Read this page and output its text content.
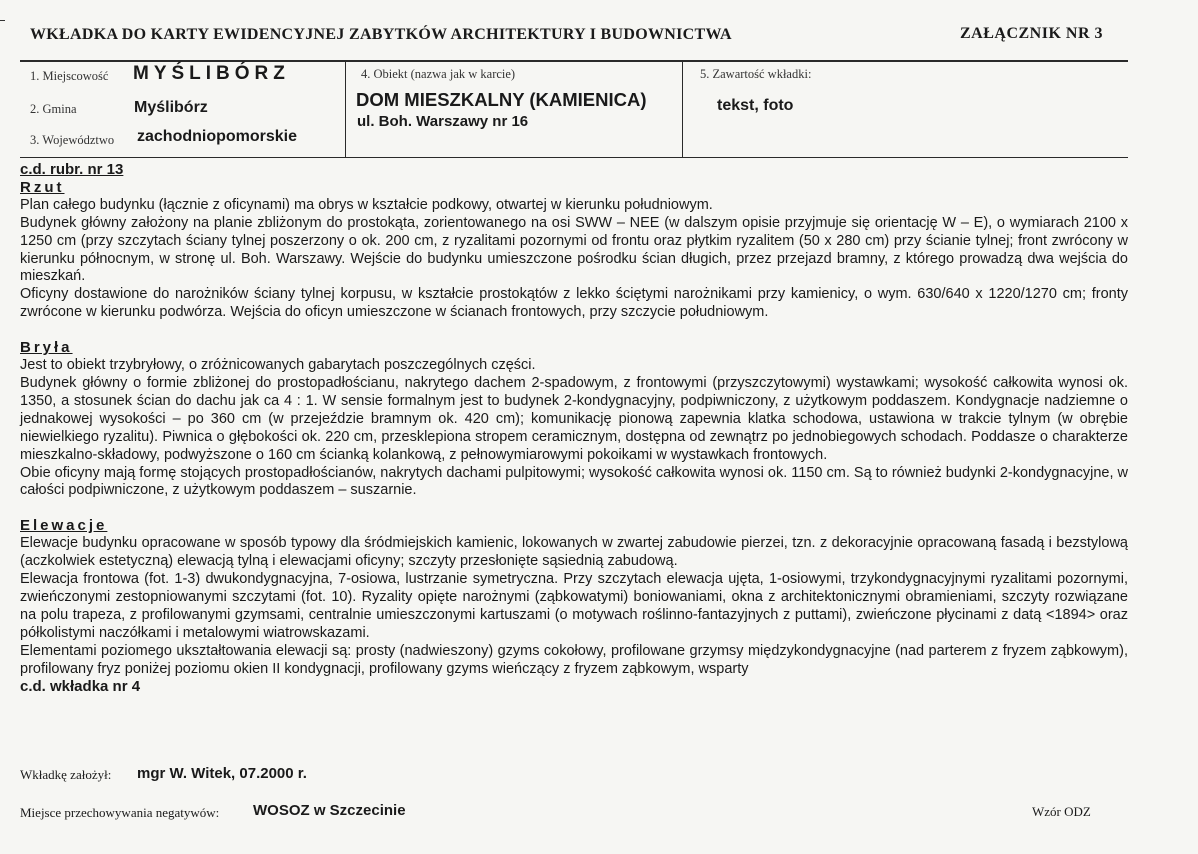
WKŁADKA DO KARTY EWIDENCYJNEJ ZABYTKÓW ARCHITEKTURY I BUDOWNICTWA	ZAŁĄCZNIK NR 3
1. Miejscowość MYŚLIBÓRZ
2. Gmina	Myślibórz
3. Województwo zachodniopomorskie
4. Obiekt (nazwa jak w karcie)
DOM MIESZKALNY (KAMIENICA)
ul. Boh. Warszawy nr 16
5. Zawartość wkładki:
tekst, foto

c.d. rubr. nr 13

Rzut

Plan całego budynku (łącznie z oficynami) ma obrys w kształcie podkowy, otwartej w kierunku południowym.

Budynek główny założony na planie zbliżonym do prostokąta, zorientowanego na osi SWW – NEE (w dalszym opisie przyjmuje się orientację W – E), o wymiarach 2100 x 1250 cm (przy szczytach ściany tylnej poszerzony o ok. 200 cm, z ryzalitami pozornymi od frontu oraz płytkim ryzalitem (50 x 280 cm) przy ścianie tylnej; front zwrócony w kierunku północnym, w stronę ul. Boh. Warszawy. Wejście do budynku umieszczone pośrodku ścian długich, przez przejazd bramny, z którego prowadzą dwa wejścia do mieszkań.

Oficyny dostawione do narożników ściany tylnej korpusu, w kształcie prostokątów z lekko ściętymi narożnikami przy kamienicy, o wym. 630/640 x 1220/1270 cm; fronty zwrócone w kierunku podwórza. Wejścia do oficyn umieszczone w ścianach frontowych, przy szczycie południowym.

Bryła

Jest to obiekt trzybryłowy, o zróżnicowanych gabarytach poszczególnych części.

Budynek główny o formie zbliżonej do prostopadłościanu, nakrytego dachem 2-spadowym, z frontowymi (przyszczytowymi) wystawkami; wysokość całkowita wynosi ok. 1350, a stosunek ścian do dachu jak ca 4 : 1. W sensie formalnym jest to budynek 2-kondygnacyjny, podpiwniczony, z użytkowym poddaszem. Kondygnacje nadziemne o jednakowej wysokości – po 360 cm (w przejeździe bramnym ok. 420 cm); komunikację pionową zapewnia klatka schodowa, ustawiona w trakcie tylnym (w obrębie niewielkiego ryzalitu). Piwnica o głębokości ok. 220 cm, przesklepiona stropem ceramicznym, dostępna od zewnątrz po jednobiegowych schodach. Poddasze o charakterze mieszkalno-składowy, podwyższone o 160 cm ścianką kolankową, z pełnowymiarowymi pokoikami w wystawkach frontowych.

Obie oficyny mają formę stojących prostopadłościanów, nakrytych dachami pulpitowymi; wysokość całkowita wynosi ok. 1150 cm. Są to również budynki 2-kondygnacyjne, w całości podpiwniczone, z użytkowym poddaszem – suszarnie.

Elewacje

Elewacje budynku opracowane w sposób typowy dla śródmiejskich kamienic, lokowanych w zwartej zabudowie pierzei, tzn. z dekoracyjnie opracowaną fasadą i bezstylową (aczkolwiek estetyczną) elewacją tylną i elewacjami oficyny; szczyty przesłonięte sąsiednią zabudową.

Elewacja frontowa (fot. 1-3) dwukondygnacyjna, 7-osiowa, lustrzanie symetryczna. Przy szczytach elewacja ujęta, 1-osiowymi, trzykondygnacyjnymi ryzalitami pozornymi, zwieńczonymi zestopniowanymi szczytami (fot. 10). Ryzality opięte narożnymi (ząbkowatymi) boniowaniami, okna z architektonicznymi obramieniami, szczyty rozwiązane na polu trapeza, z profilowanymi gzymsami, centralnie umieszczonymi kartuszami (o motywach roślinno-fantazyjnych z puttami), zwieńczone płycinami z datą <1894> oraz półkolistymi naczółkami i metalowymi wiatrowskazami.

Elementami poziomego ukształtowania elewacji są: prosty (nadwieszony) gzyms cokołowy, profilowane grzymsy międzykondygnacyjne (nad parterem z fryzem ząbkowym), profilowany fryz poniżej poziomu okien II kondygnacji, profilowany gzyms wieńczący z fryzem ząbkowym, wsparty

c.d. wkładka nr 4

Wkładkę założył: mgr W. Witek, 07.2000 r.
Miejsce przechowywania negatywów: WOSOZ w Szczecinie	Wzór ODZ
